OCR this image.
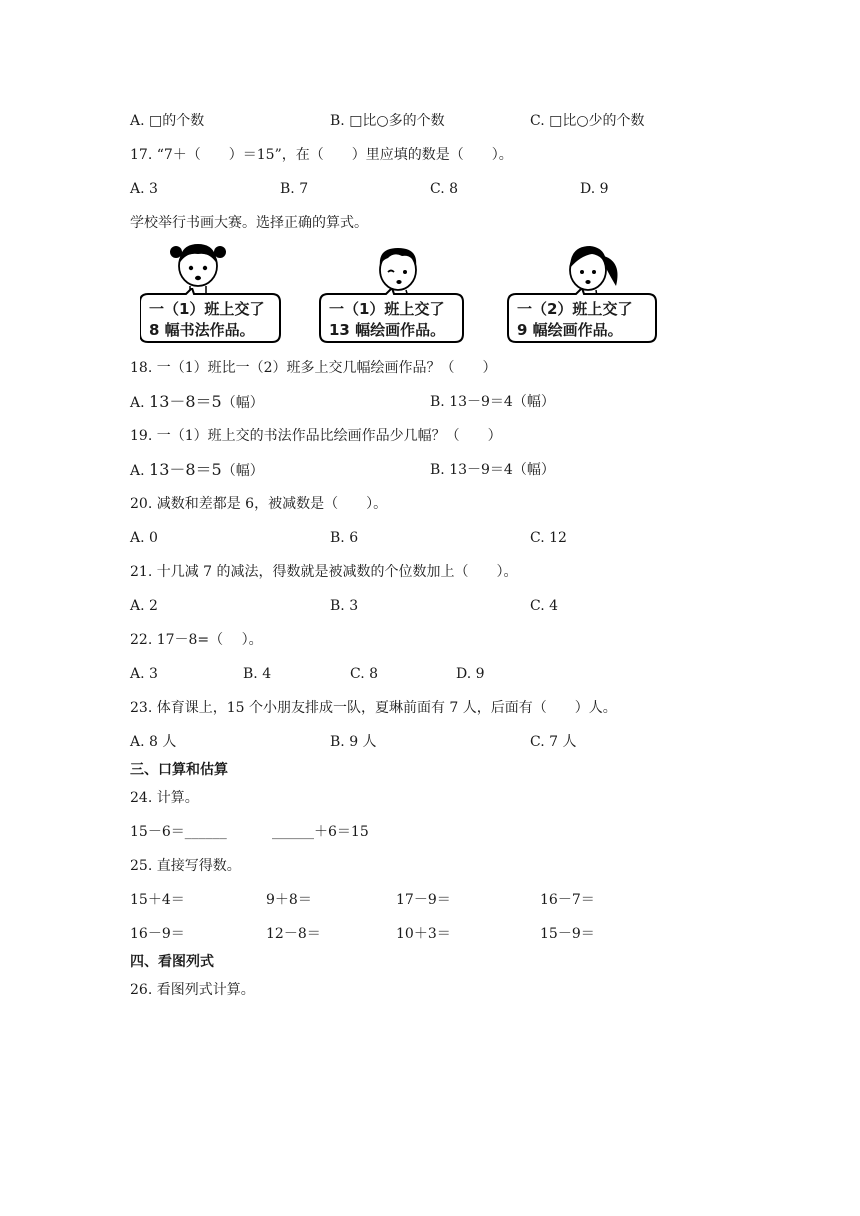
A. □的个数	B. □比○多的个数	C. □比○少的个数
17. “7＋（　　）＝15”，在（　　）里应填的数是（　　）。
A. 3	B. 7	C. 8	D. 9
学校举行书画大赛。选择正确的算式。
一（1）班上交了
8 幅书法作品。
一（1）班上交了
13 幅绘画作品。
一（2）班上交了
9 幅绘画作品。
18. 一（1）班比一（2）班多上交几幅绘画作品？（　　）
A. 13－8＝5（幅）	B. 13－9＝4（幅）
19. 一（1）班上交的书法作品比绘画作品少几幅？（　　）
A. 13－8＝5（幅）	B. 13－9＝4（幅）
20. 减数和差都是 6，被减数是（　　）。
A. 0	B. 6	C. 12
21. 十几减 7 的减法，得数就是被减数的个位数加上（　　）。
A. 2	B. 3	C. 4
22. 17－8=（　 ）。
A. 3	B. 4	C. 8	D. 9
23. 体育课上，15 个小朋友排成一队，夏琳前面有 7 人，后面有（　　）人。
A. 8 人	B. 9 人	C. 7 人
三、口算和估算
24. 计算。
15－6＝______	______＋6＝15
25. 直接写得数。
15＋4＝	9＋8＝	17－9＝	16－7＝
16－9＝	12－8＝	10＋3＝	15－9＝
四、看图列式
26. 看图列式计算。
